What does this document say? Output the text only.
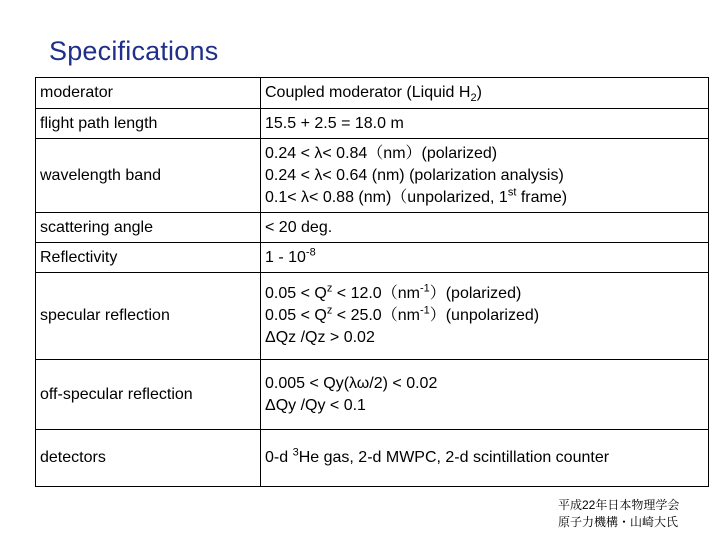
Specifications
moderator	Coupled moderator (Liquid $H_2$)

flight path length	15.5 + 2.5 = 18.0 m

wavelength band	0.24 < λ< 0.84（nm）(polarized)
0.24 < λ< 0.64 (nm) (polarization analysis)
0.1< λ< 0.88 (nm)（unpolarized, 1st frame)

scattering angle	< 20 deg.

Reflectivity	$1 - 10^{-8}$

specular reflection	$0.05 < Q^z$ < $12.0(nm^{-1})(polarized)$
$0.05 < Q^z$ < $25.0(nm^{-1})(unpolarized)$
ΔQz /Qz > 0.02

off-specular reflection	0.005 < Qy(λω/2) < 0.02
ΔQy /Qy < 0.1

detectors	0-d $^3$He gas, 2-d MWPC, 2-d scintillation counter
平成22年日本物理学会
原子力機構・山崎大氏
